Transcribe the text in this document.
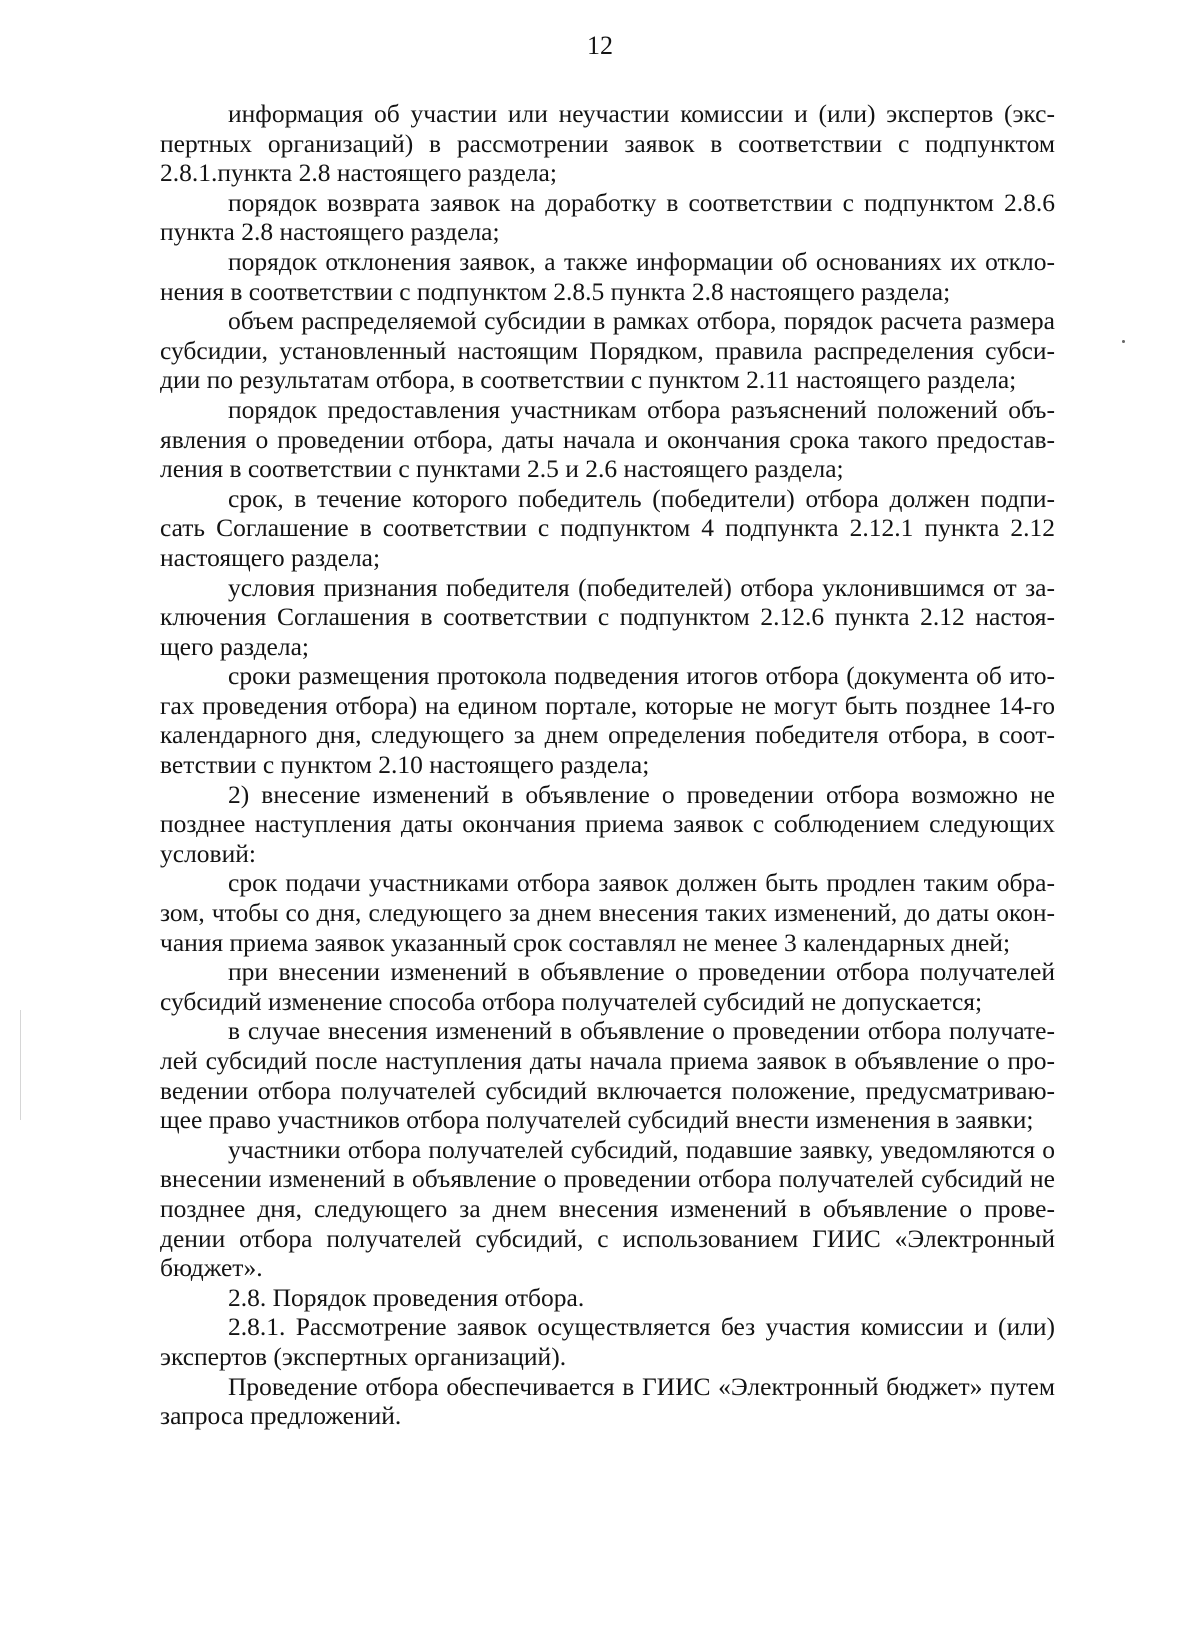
12

информация об участии или неучастии комиссии и (или) экспертов (экспертных организаций) в рассмотрении заявок в соответствии с подпунктом 2.8.1.пункта 2.8 настоящего раздела;

порядок возврата заявок на доработку в соответствии с подпунктом 2.8.6 пункта 2.8 настоящего раздела;

порядок отклонения заявок, а также информации об основаниях их отклонения в соответствии с подпунктом 2.8.5 пункта 2.8 настоящего раздела;

объем распределяемой субсидии в рамках отбора, порядок расчета размера субсидии, установленный настоящим Порядком, правила распределения субсидии по результатам отбора, в соответствии с пунктом 2.11 настоящего раздела;

порядок предоставления участникам отбора разъяснений положений объявления о проведении отбора, даты начала и окончания срока такого предоставления в соответствии с пунктами 2.5 и 2.6 настоящего раздела;

срок, в течение которого победитель (победители) отбора должен подписать Соглашение в соответствии с подпунктом 4 подпункта 2.12.1 пункта 2.12 настоящего раздела;

условия признания победителя (победителей) отбора уклонившимся от заключения Соглашения в соответствии с подпунктом 2.12.6 пункта 2.12 настоящего раздела;

сроки размещения протокола подведения итогов отбора (документа об итогах проведения отбора) на едином портале, которые не могут быть позднее 14-го календарного дня, следующего за днем определения победителя отбора, в соответствии с пунктом 2.10 настоящего раздела;

2) внесение изменений в объявление о проведении отбора возможно не позднее наступления даты окончания приема заявок с соблюдением следующих условий:

срок подачи участниками отбора заявок должен быть продлен таким образом, чтобы со дня, следующего за днем внесения таких изменений, до даты окончания приема заявок указанный срок составлял не менее 3 календарных дней;

при внесении изменений в объявление о проведении отбора получателей субсидий изменение способа отбора получателей субсидий не допускается;

в случае внесения изменений в объявление о проведении отбора получателей субсидий после наступления даты начала приема заявок в объявление о проведении отбора получателей субсидий включается положение, предусматривающее право участников отбора получателей субсидий внести изменения в заявки;

участники отбора получателей субсидий, подавшие заявку, уведомляются о внесении изменений в объявление о проведении отбора получателей субсидий не позднее дня, следующего за днем внесения изменений в объявление о проведении отбора получателей субсидий, с использованием ГИИС «Электронный бюджет».

2.8. Порядок проведения отбора.

2.8.1. Рассмотрение заявок осуществляется без участия комиссии и (или) экспертов (экспертных организаций).

Проведение отбора обеспечивается в ГИИС «Электронный бюджет» путем запроса предложений.
